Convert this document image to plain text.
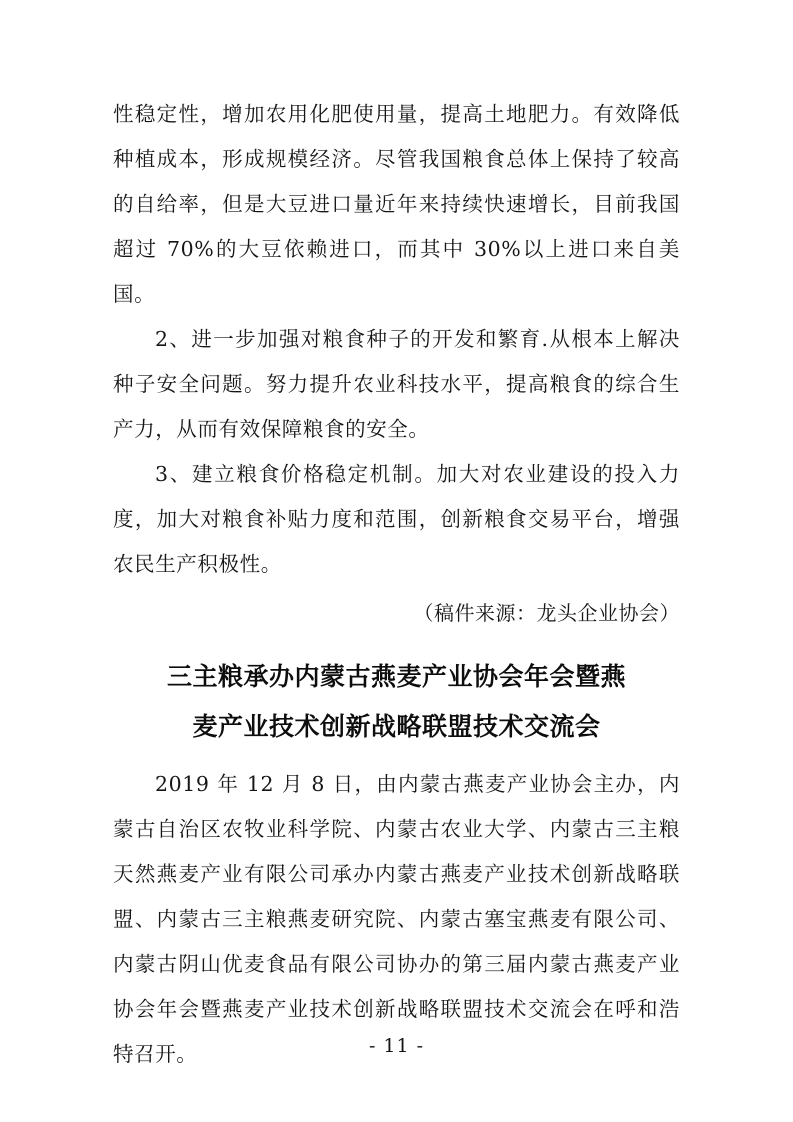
性稳定性，增加农用化肥使用量，提高土地肥力。有效降低种植成本，形成规模经济。尽管我国粮食总体上保持了较高的自给率，但是大豆进口量近年来持续快速增长，目前我国超过 70%的大豆依赖进口，而其中 30%以上进口来自美国。

2、进一步加强对粮食种子的开发和繁育.从根本上解决种子安全问题。努力提升农业科技水平，提高粮食的综合生产力，从而有效保障粮食的安全。

3、建立粮食价格稳定机制。加大对农业建设的投入力度，加大对粮食补贴力度和范围，创新粮食交易平台，增强农民生产积极性。

（稿件来源：龙头企业协会）

三主粮承办内蒙古燕麦产业协会年会暨燕
麦产业技术创新战略联盟技术交流会

2019 年 12 月 8 日，由内蒙古燕麦产业协会主办，内蒙古自治区农牧业科学院、内蒙古农业大学、内蒙古三主粮天然燕麦产业有限公司承办内蒙古燕麦产业技术创新战略联盟、内蒙古三主粮燕麦研究院、内蒙古塞宝燕麦有限公司、内蒙古阴山优麦食品有限公司协办的第三届内蒙古燕麦产业协会年会暨燕麦产业技术创新战略联盟技术交流会在呼和浩特召开。	- 11 -
